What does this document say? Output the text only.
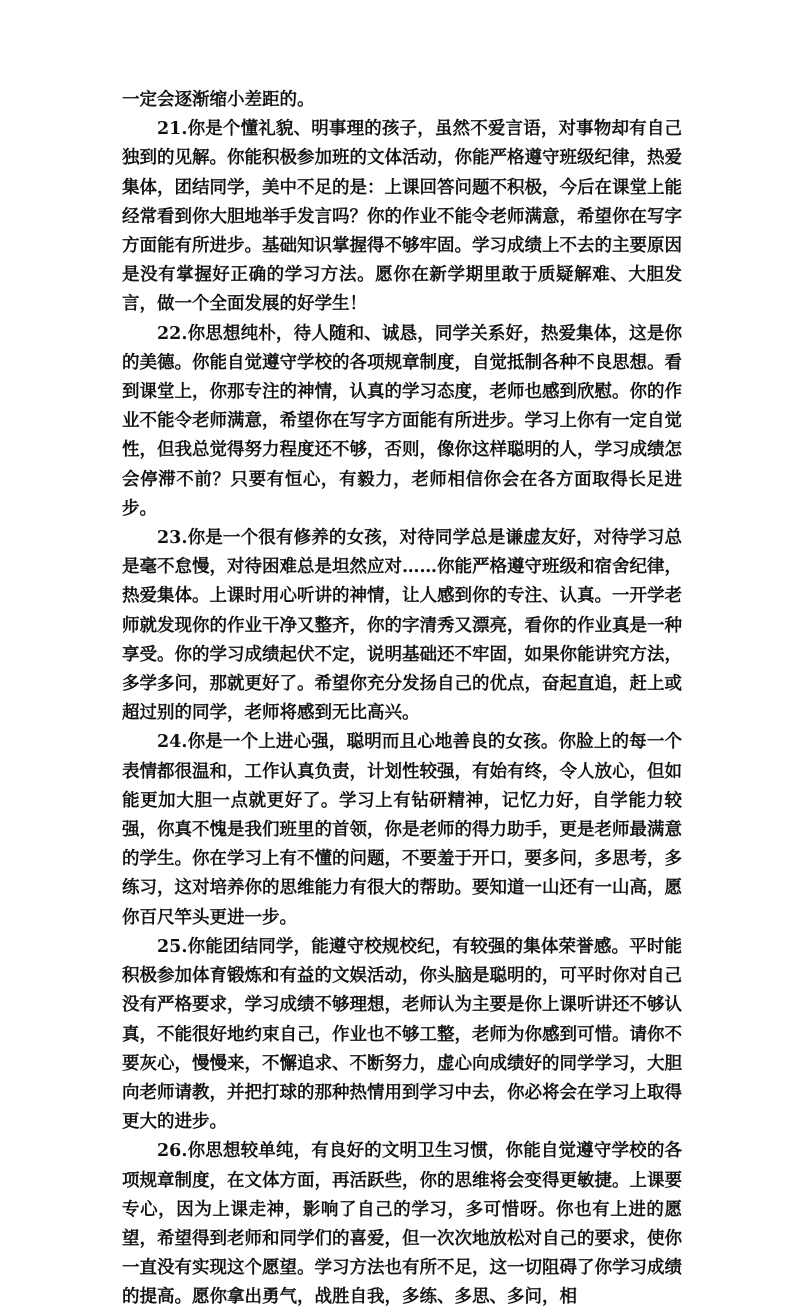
一定会逐渐缩小差距的。

21.你是个懂礼貌、明事理的孩子，虽然不爱言语，对事物却有自己独到的见解。你能积极参加班的文体活动，你能严格遵守班级纪律，热爱集体，团结同学，美中不足的是：上课回答问题不积极，今后在课堂上能经常看到你大胆地举手发言吗？你的作业不能令老师满意，希望你在写字方面能有所进步。基础知识掌握得不够牢固。学习成绩上不去的主要原因是没有掌握好正确的学习方法。愿你在新学期里敢于质疑解难、大胆发言，做一个全面发展的好学生！

22.你思想纯朴，待人随和、诚恳，同学关系好，热爱集体，这是你的美德。你能自觉遵守学校的各项规章制度，自觉抵制各种不良思想。看到课堂上，你那专注的神情，认真的学习态度，老师也感到欣慰。你的作业不能令老师满意，希望你在写字方面能有所进步。学习上你有一定自觉性，但我总觉得努力程度还不够，否则，像你这样聪明的人，学习成绩怎会停滞不前？只要有恒心，有毅力，老师相信你会在各方面取得长足进步。

23.你是一个很有修养的女孩，对待同学总是谦虚友好，对待学习总是毫不怠慢，对待困难总是坦然应对……你能严格遵守班级和宿舍纪律，热爱集体。上课时用心听讲的神情，让人感到你的专注、认真。一开学老师就发现你的作业干净又整齐，你的字清秀又漂亮，看你的作业真是一种享受。你的学习成绩起伏不定，说明基础还不牢固，如果你能讲究方法，多学多问，那就更好了。希望你充分发扬自己的优点，奋起直追，赶上或超过别的同学，老师将感到无比高兴。

24.你是一个上进心强，聪明而且心地善良的女孩。你脸上的每一个表情都很温和，工作认真负责，计划性较强，有始有终，令人放心，但如能更加大胆一点就更好了。学习上有钻研精神，记忆力好，自学能力较强，你真不愧是我们班里的首领，你是老师的得力助手，更是老师最满意的学生。你在学习上有不懂的问题，不要羞于开口，要多问，多思考，多练习，这对培养你的思维能力有很大的帮助。要知道一山还有一山高，愿你百尺竿头更进一步。

25.你能团结同学，能遵守校规校纪，有较强的集体荣誉感。平时能积极参加体育锻炼和有益的文娱活动，你头脑是聪明的，可平时你对自己没有严格要求，学习成绩不够理想，老师认为主要是你上课听讲还不够认真，不能很好地约束自己，作业也不够工整，老师为你感到可惜。请你不要灰心，慢慢来，不懈追求、不断努力，虚心向成绩好的同学学习，大胆向老师请教，并把打球的那种热情用到学习中去，你必将会在学习上取得更大的进步。

26.你思想较单纯，有良好的文明卫生习惯，你能自觉遵守学校的各项规章制度，在文体方面，再活跃些，你的思维将会变得更敏捷。上课要专心，因为上课走神，影响了自己的学习，多可惜呀。你也有上进的愿望，希望得到老师和同学们的喜爱，但一次次地放松对自己的要求，使你一直没有实现这个愿望。学习方法也有所不足，这一切阻碍了你学习成绩的提高。愿你拿出勇气，战胜自我，多练、多思、多问，相
